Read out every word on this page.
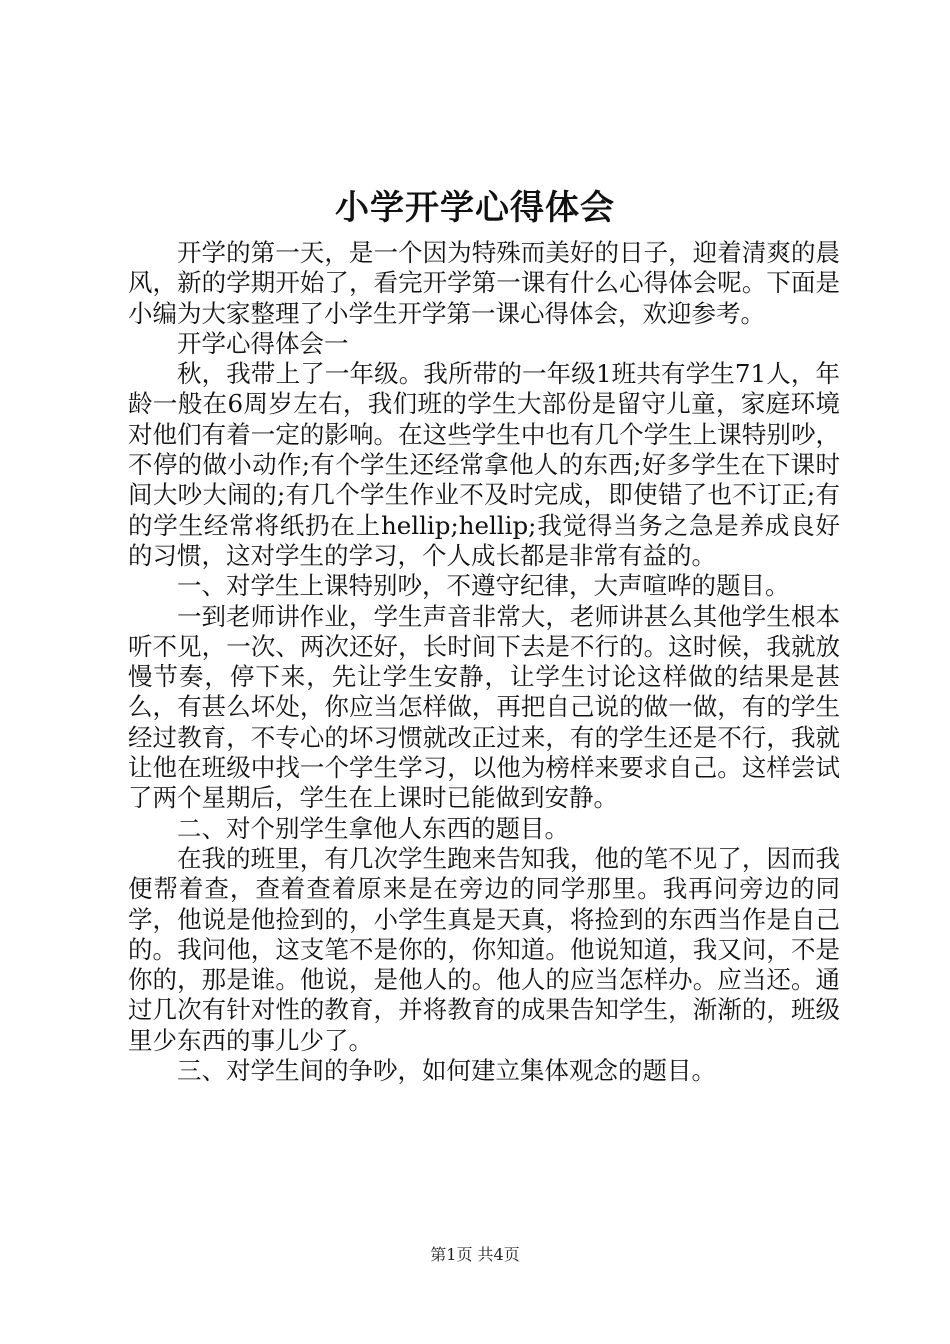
小学开学心得体会

开学的第一天，是一个因为特殊而美好的日子，迎着清爽的晨风，新的学期开始了，看完开学第一课有什么心得体会呢。下面是小编为大家整理了小学生开学第一课心得体会，欢迎参考。

开学心得体会一

秋，我带上了一年级。我所带的一年级1班共有学生71人，年龄一般在6周岁左右，我们班的学生大部份是留守儿童，家庭环境对他们有着一定的影响。在这些学生中也有几个学生上课特别吵，不停的做小动作;有个学生还经常拿他人的东西;好多学生在下课时间大吵大闹的;有几个学生作业不及时完成，即使错了也不订正;有的学生经常将纸扔在上hellip;hellip;我觉得当务之急是养成良好的习惯，这对学生的学习，个人成长都是非常有益的。

一、对学生上课特别吵，不遵守纪律，大声喧哗的题目。

一到老师讲作业，学生声音非常大，老师讲甚么其他学生根本听不见，一次、两次还好，长时间下去是不行的。这时候，我就放慢节奏，停下来，先让学生安静，让学生讨论这样做的结果是甚么，有甚么坏处，你应当怎样做，再把自己说的做一做，有的学生经过教育，不专心的坏习惯就改正过来，有的学生还是不行，我就让他在班级中找一个学生学习，以他为榜样来要求自己。这样尝试了两个星期后，学生在上课时已能做到安静。

二、对个别学生拿他人东西的题目。

在我的班里，有几次学生跑来告知我，他的笔不见了，因而我便帮着查，查着查着原来是在旁边的同学那里。我再问旁边的同学，他说是他捡到的，小学生真是天真，将捡到的东西当作是自己的。我问他，这支笔不是你的，你知道。他说知道，我又问，不是你的，那是谁。他说，是他人的。他人的应当怎样办。应当还。通过几次有针对性的教育，并将教育的成果告知学生，渐渐的，班级里少东西的事儿少了。

三、对学生间的争吵，如何建立集体观念的题目。

第1页 共4页
